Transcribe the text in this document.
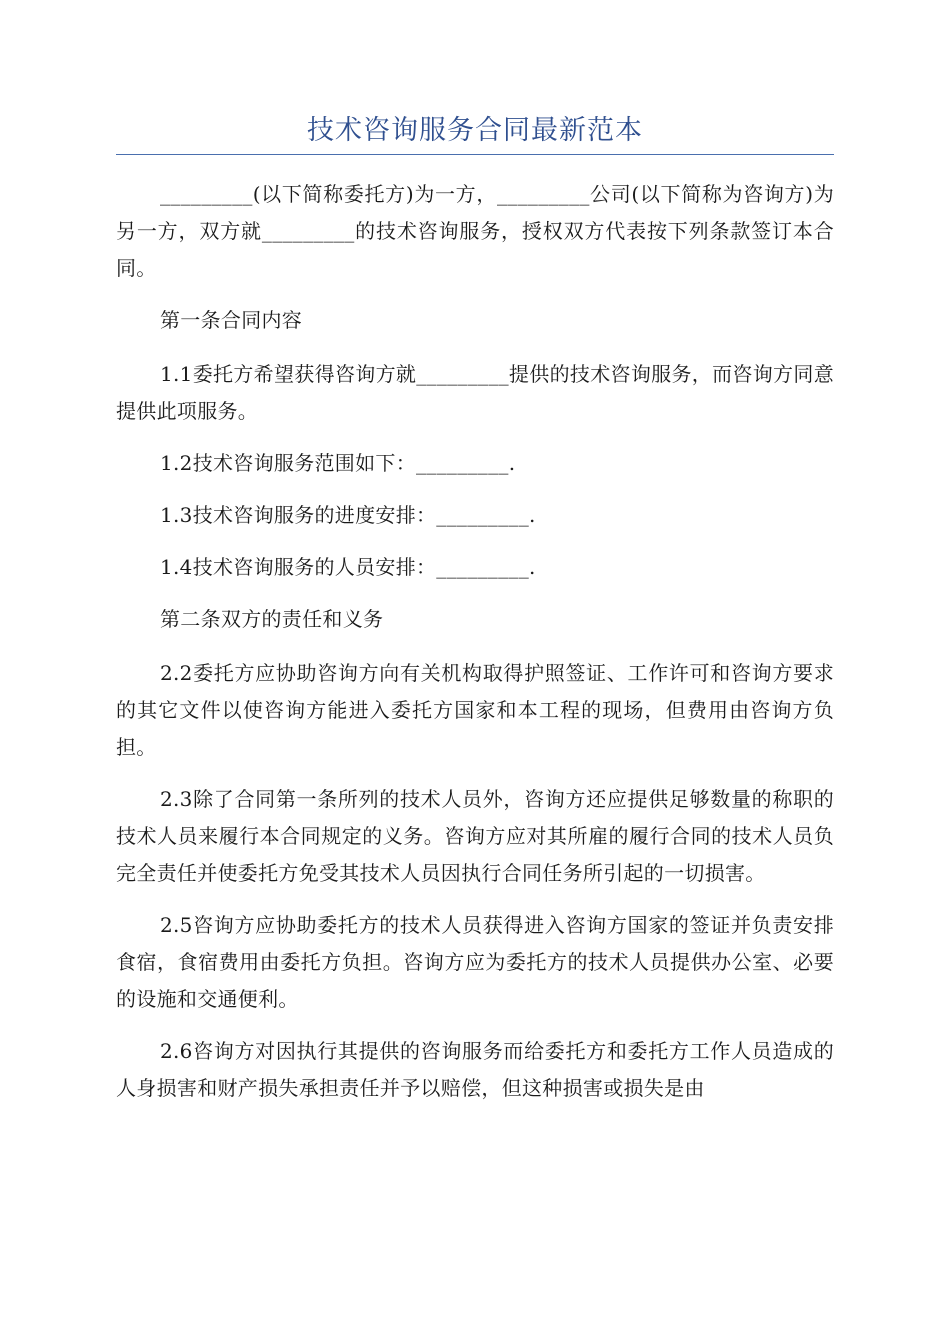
技术咨询服务合同最新范本

_________(以下简称委托方)为一方，_________公司(以下简称为咨询方)为另一方，双方就_________的技术咨询服务，授权双方代表按下列条款签订本合同。

第一条合同内容

1.1委托方希望获得咨询方就_________提供的技术咨询服务，而咨询方同意提供此项服务。

1.2技术咨询服务范围如下：_________.

1.3技术咨询服务的进度安排：_________.

1.4技术咨询服务的人员安排：_________.

第二条双方的责任和义务

2.2委托方应协助咨询方向有关机构取得护照签证、工作许可和咨询方要求的其它文件以使咨询方能进入委托方国家和本工程的现场，但费用由咨询方负担。

2.3除了合同第一条所列的技术人员外，咨询方还应提供足够数量的称职的技术人员来履行本合同规定的义务。咨询方应对其所雇的履行合同的技术人员负完全责任并使委托方免受其技术人员因执行合同任务所引起的一切损害。

2.5咨询方应协助委托方的技术人员获得进入咨询方国家的签证并负责安排食宿，食宿费用由委托方负担。咨询方应为委托方的技术人员提供办公室、必要的设施和交通便利。

2.6咨询方对因执行其提供的咨询服务而给委托方和委托方工作人员造成的人身损害和财产损失承担责任并予以赔偿，但这种损害或损失是由
